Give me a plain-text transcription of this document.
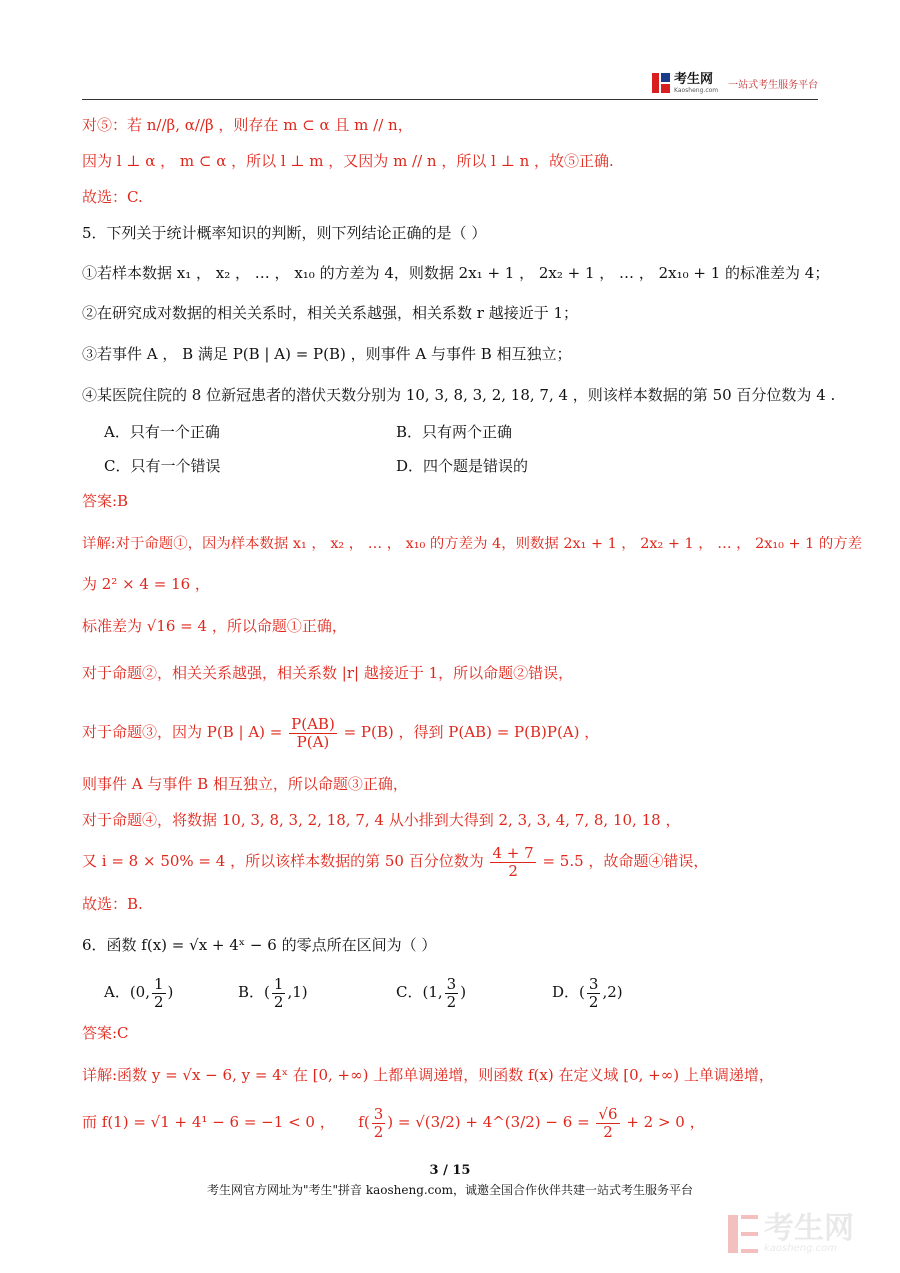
考生网
Kaosheng.com 一站式考生服务平台
对⑤：若 n//β, α//β ，则存在 m ⊂ α 且 m // n，
因为 l ⊥ α ， m ⊂ α ，所以 l ⊥ m ，又因为 m // n ，所以 l ⊥ n ，故⑤正确.
故选：C.
5．下列关于统计概率知识的判断，则下列结论正确的是（ ）
①若样本数据 x₁ ， x₂ ， … ， x₁₀ 的方差为 4，则数据 2x₁ + 1 ， 2x₂ + 1 ， … ， 2x₁₀ + 1 的标准差为 4；
②在研究成对数据的相关关系时，相关关系越强，相关系数 r 越接近于 1；
③若事件 A ， B 满足 P(B | A) = P(B) ，则事件 A 与事件 B 相互独立；
④某医院住院的 8 位新冠患者的潜伏天数分别为 10, 3, 8, 3, 2, 18, 7, 4 ，则该样本数据的第 50 百分位数为 4 .
A．只有一个正确	B．只有两个正确
C．只有一个错误	D．四个题是错误的
答案:B
详解:对于命题①，因为样本数据 x₁ ， x₂ ， … ， x₁₀ 的方差为 4，则数据 2x₁ + 1 ， 2x₂ + 1 ， … ， 2x₁₀ + 1 的方差
为 2² × 4 = 16 ，
标准差为 √16 = 4 ，所以命题①正确，
对于命题②，相关关系越强，相关系数 |r| 越接近于 1，所以命题②错误，
对于命题③，因为 P(B | $A) = \frac{P(AB)}{P(A)} = P(B)$ ，得到 P(AB) = P(B)P(A) ，
则事件 A 与事件 B 相互独立，所以命题③正确，
对于命题④，将数据 10, 3, 8, 3, 2, 18, 7, 4 从小排到大得到 2, 3, 3, 4, 7, 8, 10, 18 ，
又 i = 8 × 50% = 4 ，所以该样本数据的第 50 百分位数为 $\frac{4 + 7}{2} = 5.5$ ，故命题④错误，
故选：B.
6．函数 f(x) = √x + 4ˣ − 6 的零点所在区间为（ ）
A．(0, $\frac{1}{2}$ )	B．( $\frac{1}{2} ,1$)	C．(1, $\frac{3}{2}$ )	D．( $\frac{3}{2} ,2$)
答案:C
详解:函数 y = √x − 6, y = 4ˣ 在 [0, +∞) 上都单调递增，则函数 f(x) 在定义域 [0, +∞) 上单调递增，
而 f(1) = √1 + 4¹ − 6 = −1 < 0 ， $f( \frac{3}{2}$ ) = √(3/2) + 4^(3/2) − $6 = \frac{√6}{2} + 2 > 0$ ，
3 / 15
考生网官方网址为"考生"拼音 kaosheng.com，诚邀全国合作伙伴共建一站式考生服务平台
考生网
kaosheng.com
